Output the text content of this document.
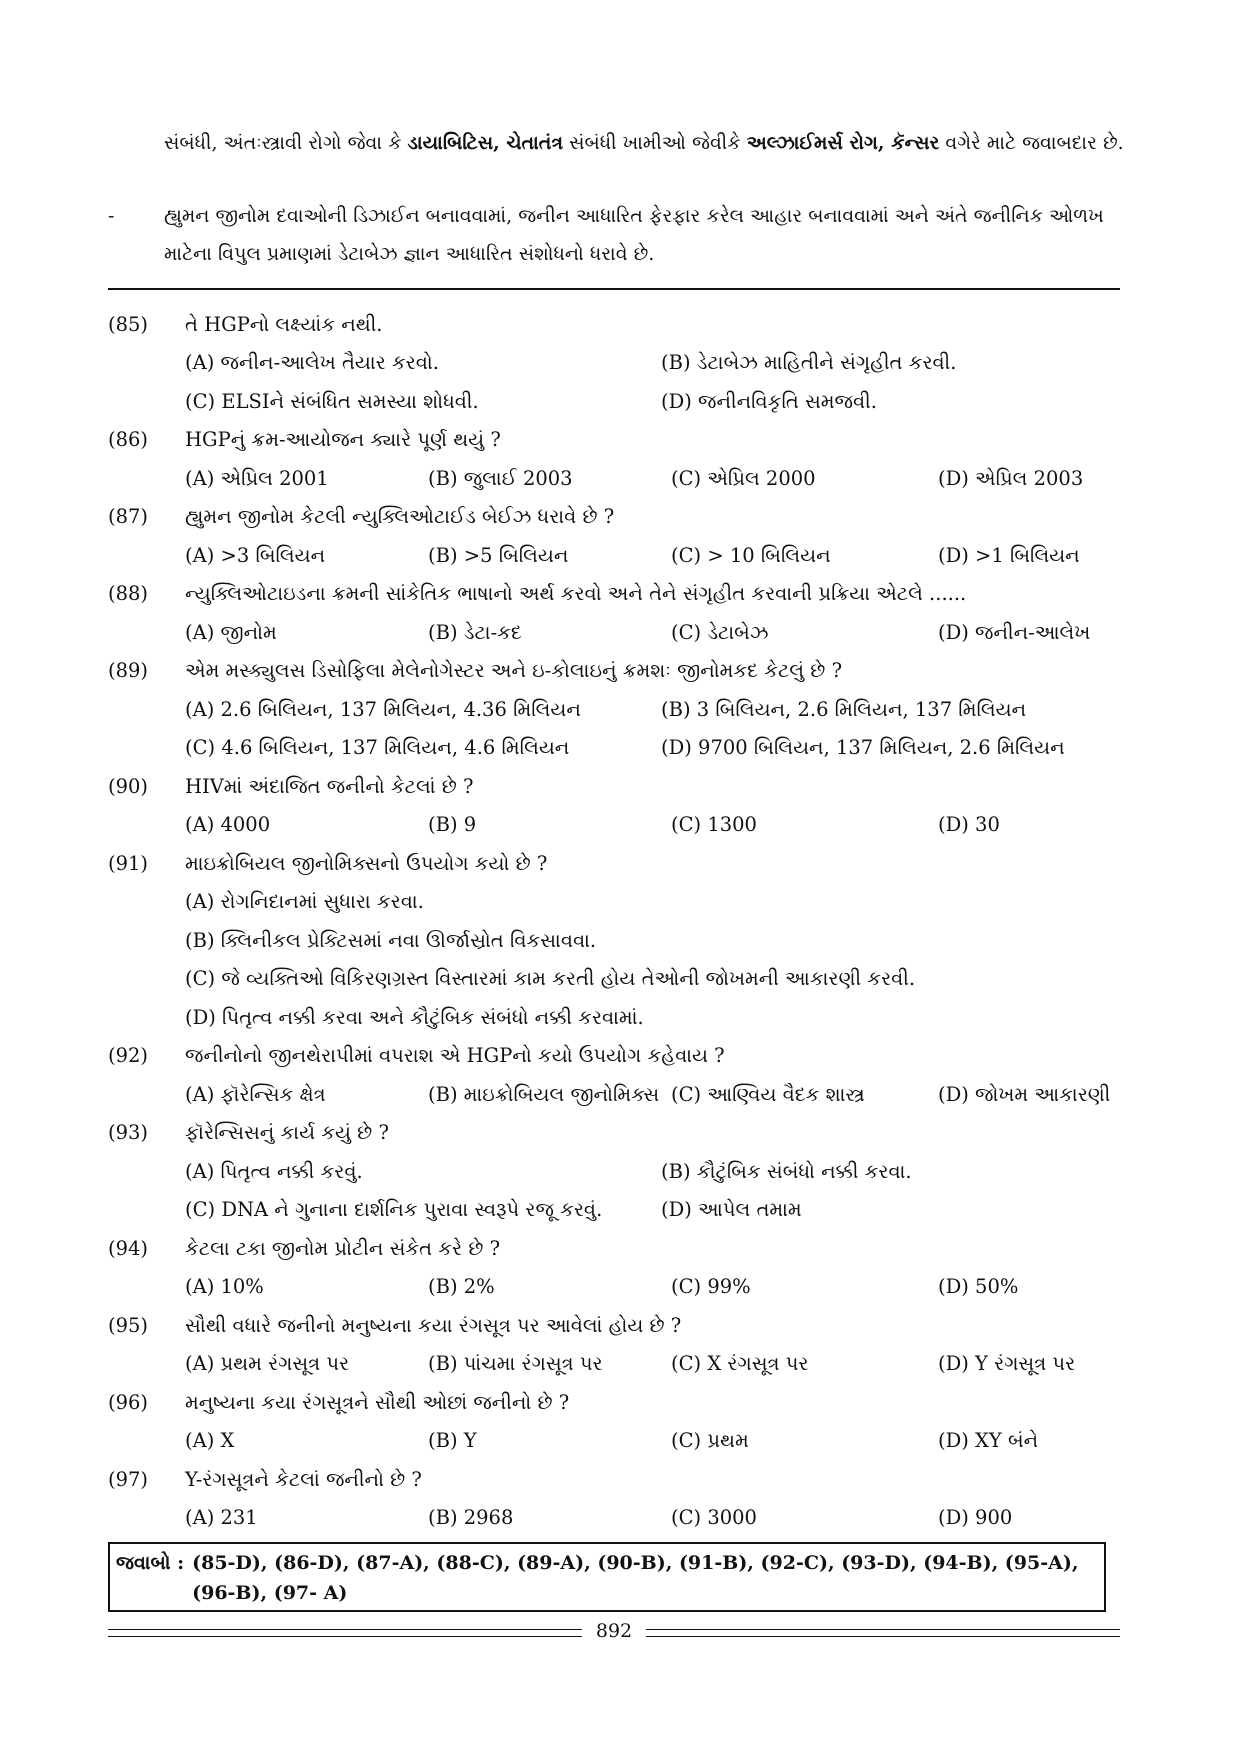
સંબંધી, અંતઃસ્ત્રાવી રોગો જેવા કે ડાયાબિટિસ, ચેતાતંત્ર સંબંધી ખામીઓ જેવીકે અલ્ઝાઈમર્સ રોગ, કૅન્સર વગેરે માટે જવાબદાર છે.

-	હ્યુમન જીનોમ દવાઓની ડિઝાઈન બનાવવામાં, જનીન આધારિત ફેરફાર કરેલ આહાર બનાવવામાં અને અંતે જનીનિક ઓળખ માટેના વિપુલ પ્રમાણમાં ડેટાબેઝ જ્ઞાન આધારિત સંશોધનો ધરાવે છે.

(85)	તે HGPનો લક્ષ્યાંક નથી.
(A) જનીન-આલેખ તૈયાર કરવો.	(B) ડેટાબેઝ માહિતીને સંગૃહીત કરવી.
(C) ELSIને સંબંધિત સમસ્યા શોધવી.	(D) જનીનવિકૃતિ સમજવી.
(86)	HGPનું ક્રમ-આયોજન ક્યારે પૂર્ણ થયું ?
(A) એપ્રિલ 2001	(B) જુલાઈ 2003	(C) એપ્રિલ 2000	(D) એપ્રિલ 2003
(87)	હ્યુમન જીનોમ કેટલી ન્યુક્લિઓટાઈડ બેઈઝ ધરાવે છે ?
(A) >3 બિલિયન	(B) >5 બિલિયન	(C) > 10 બિલિયન	(D) >1 બિલિયન
(88)	ન્યુક્લિઓટાઇડના ક્રમની સાંકેતિક ભાષાનો અર્થ કરવો અને તેને સંગૃહીત કરવાની પ્રક્રિયા એટલે ......
(A) જીનોમ	(B) ડેટા-કદ	(C) ડેટાબેઝ	(D) જનીન-આલેખ
(89)	એમ મસ્ક્યુલસ ડિસોફિલા મેલેનોગેસ્ટર અને ઇ-કોલાઇનું ક્રમશઃ જીનોમકદ કેટલું છે ?
(A) 2.6 બિલિયન, 137 મિલિયન, 4.36 મિલિયન	(B) 3 બિલિયન, 2.6 મિલિયન, 137 મિલિયન
(C) 4.6 બિલિયન, 137 મિલિયન, 4.6 મિલિયન	(D) 9700 બિલિયન, 137 મિલિયન, 2.6 મિલિયન
(90)	HIVમાં અંદાજિત જનીનો કેટલાં છે ?
(A) 4000	(B) 9	(C) 1300	(D) 30
(91)	માઇક્રોબિયલ જીનોમિક્સનો ઉપયોગ કયો છે ?
(A) રોગનિદાનમાં સુધારા કરવા.
(B) ક્લિનીકલ પ્રેક્ટિસમાં નવા ઊર્જાસ્રોત વિકસાવવા.
(C) જે વ્યક્તિઓ વિકિરણગ્રસ્ત વિસ્તારમાં કામ કરતી હોય તેઓની જોખમની આકારણી કરવી.
(D) પિતૃત્વ નક્કી કરવા અને કૌટુંબિક સંબંધો નક્કી કરવામાં.
(92)	જનીનોનો જીનથેરાપીમાં વપરાશ એ HGPનો કયો ઉપયોગ કહેવાય ?
(A) ફૉરેન્સિક ક્ષેત્ર	(B) માઇક્રોબિયલ જીનોમિક્સ (C) આણ્વિય વૈદક શાસ્ત્ર	(D) જોખમ આકારણી
(93)	ફૉરેન્સિસનું કાર્ય કયું છે ?
(A) પિતૃત્વ નક્કી કરવું.	(B) કૌટુંબિક સંબંધો નક્કી કરવા.
(C) DNA ને ગુનાના દાર્શનિક પુરાવા સ્વરૂપે રજૂ કરવું.	(D) આપેલ તમામ
(94)	કેટલા ટકા જીનોમ પ્રોટીન સંકેત કરે છે ?
(A) 10%	(B) 2%	(C) 99%	(D) 50%
(95)	સૌથી વધારે જનીનો મનુષ્યના કયા રંગસૂત્ર પર આવેલાં હોય છે ?
(A) પ્રથમ રંગસૂત્ર પર	(B) પાંચમા રંગસૂત્ર પર	(C) X રંગસૂત્ર પર	(D) Y રંગસૂત્ર પર
(96)	મનુષ્યના કયા રંગસૂત્રને સૌથી ઓછાં જનીનો છે ?
(A) X	(B) Y	(C) પ્રથમ	(D) XY બંને
(97)	Y-રંગસૂત્રને કેટલાં જનીનો છે ?
(A) 231	(B) 2968	(C) 3000	(D) 900
જવાબો : (85-D), (86-D), (87-A), (88-C), (89-A), (90-B), (91-B), (92-C), (93-D), (94-B), (95-A), (96-B), (97- A)
892
